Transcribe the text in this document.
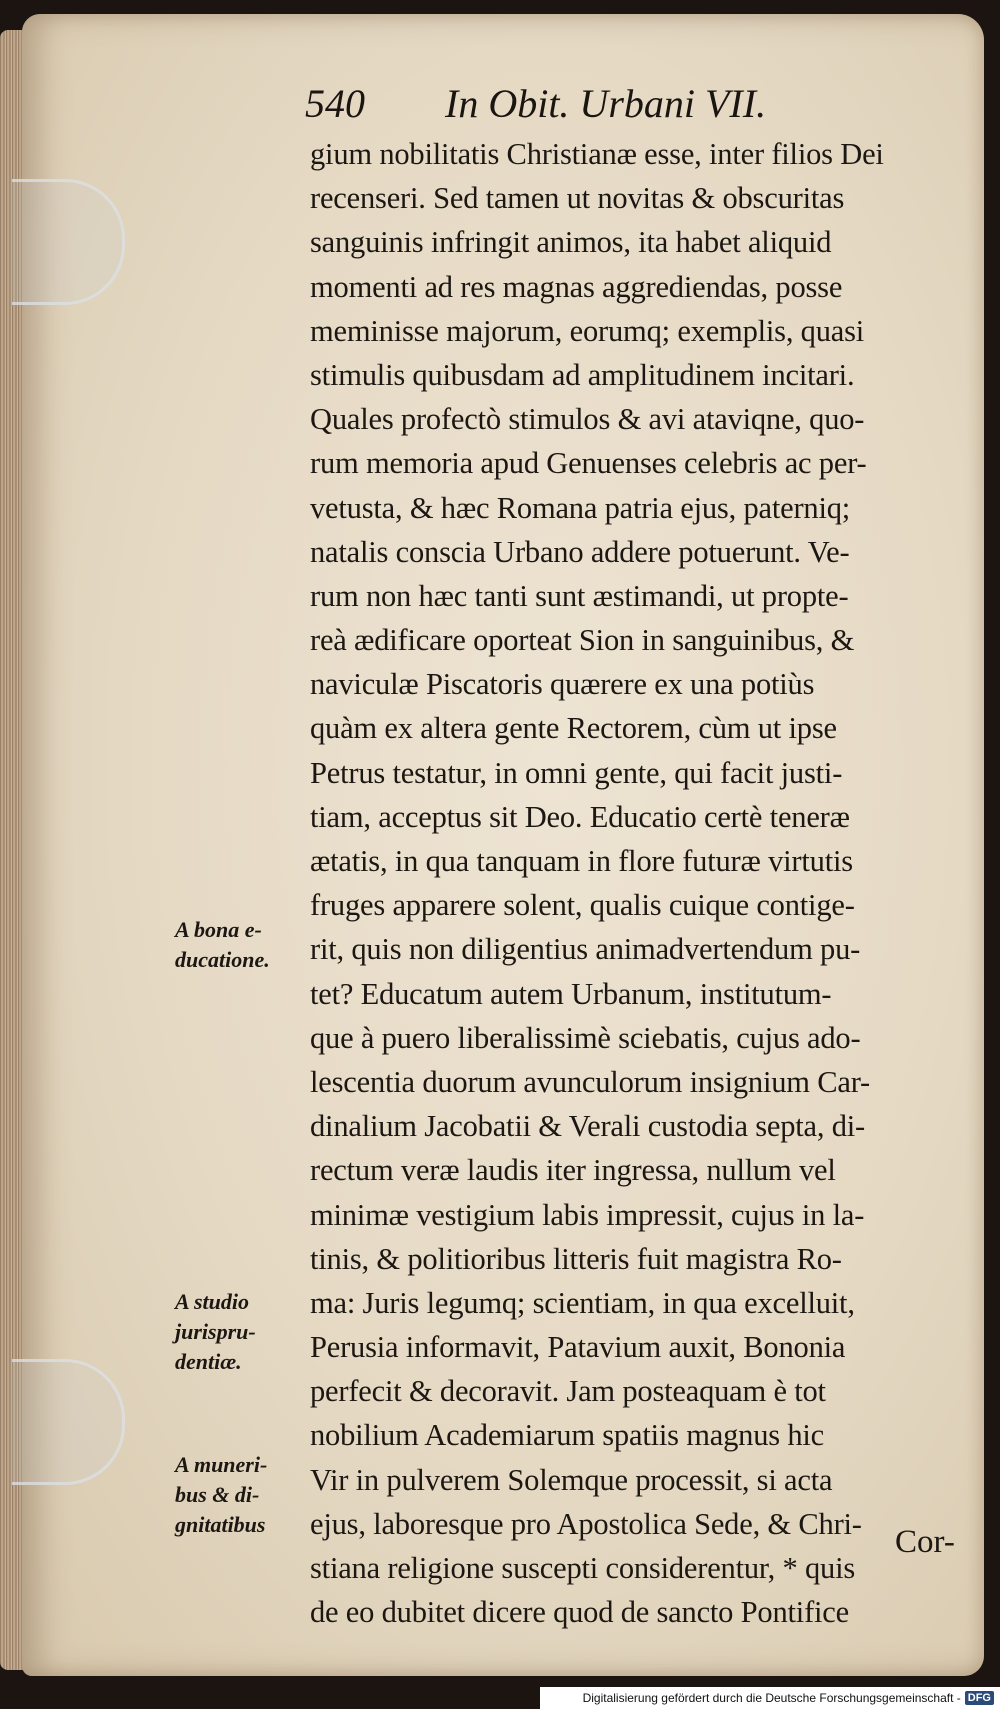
540 In Obit. Urbani VII.
gium nobilitatis Christianæ esse, inter filios Dei
recenseri. Sed tamen ut novitas & obscuritas
sanguinis infringit animos, ita habet aliquid
momenti ad res magnas aggrediendas, posse
meminisse majorum, eorumq; exemplis, quasi
stimulis quibusdam ad amplitudinem incitari.
Quales profectò stimulos & avi ataviqne, quo-
rum memoria apud Genuenses celebris ac per-
vetusta, & hæc Romana patria ejus, paterniq;
natalis conscia Urbano addere potuerunt. Ve-
rum non hæc tanti sunt æstimandi, ut propte-
reà ædificare oporteat Sion in sanguinibus, &
naviculæ Piscatoris quærere ex una potiùs
quàm ex altera gente Rectorem, cùm ut ipse
Petrus testatur, in omni gente, qui facit justi-
tiam, acceptus sit Deo. Educatio certè teneræ
ætatis, in qua tanquam in flore futuræ virtutis
fruges apparere solent, qualis cuique contige-
rit, quis non diligentius animadvertendum pu-
tet? Educatum autem Urbanum, institutum-
que à puero liberalissimè sciebatis, cujus ado-
lescentia duorum avunculorum insignium Car-
dinalium Jacobatii & Verali custodia septa, di-
rectum veræ laudis iter ingressa, nullum vel
minimæ vestigium labis impressit, cujus in la-
tinis, & politioribus litteris fuit magistra Ro-
ma: Juris legumq; scientiam, in qua excelluit,
Perusia informavit, Patavium auxit, Bononia
perfecit & decoravit. Jam posteaquam è tot
nobilium Academiarum spatiis magnus hic
Vir in pulverem Solemque processit, si acta
ejus, laboresque pro Apostolica Sede, & Chri-
stiana religione suscepti considerentur, * quis
de eo dubitet dicere quod de sancto Pontifice
A bona e-
ducatione.
A studio
jurispru-
dentiæ.
A muneri-
bus & di-
gnitatibus	Cor-
Digitalisierung gefördert durch die Deutsche Forschungsgemeinschaft - DFG
